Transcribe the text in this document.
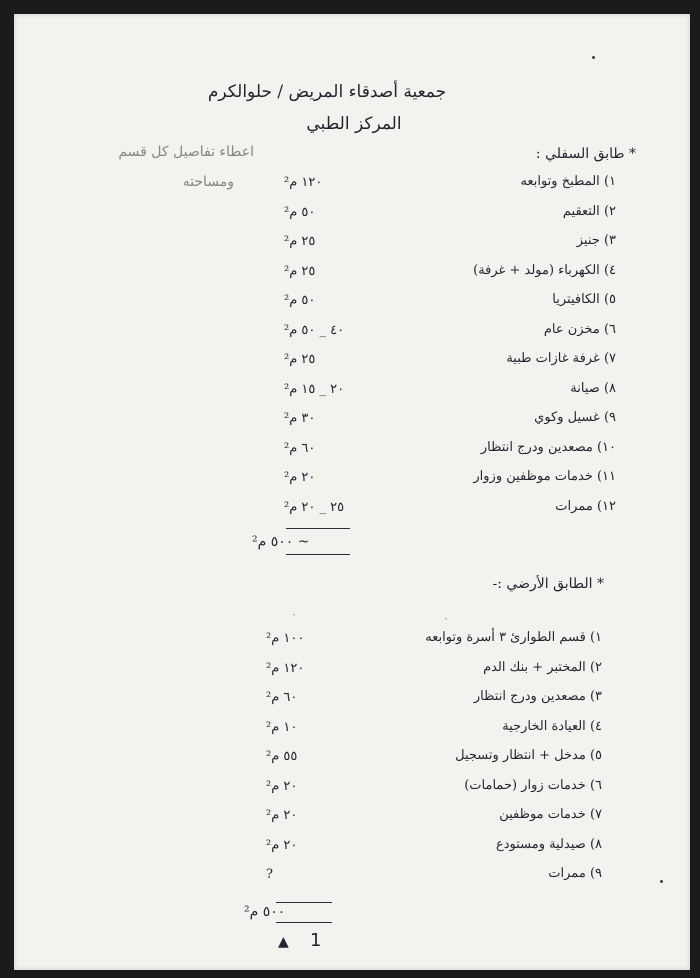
جمعية أصدقاء المريض / حلوالكرم
المركز الطبي
اعطاء تفاصيل كل قسم
ومساحته
* طابق السفلي :
١) المطبخ وتوابعه
١٢٠ م²
٢) التعقيم
٥٠ م²
٣) جنيز
٢٥ م²
٤) الكهرباء (مولد + غرفة)
٢٥ م²
٥) الكافيتريا
٥٠ م²
٦) مخزن عام
٤٠ _ ٥٠ م²
٧) غرفة غازات طبية
٢٥ م²
٨) صيانة
٢٠ _ ١٥ م²
٩) غسيل وكوي
٣٠ م²
١٠) مصعدين ودرج انتظار
٦٠ م²
١١) خدمات موظفين وزوار
٢٠ م²
١٢) ممرات
٢٥ _ ٢٠ م²
~ ٥٠٠ م²
* الطابق الأرضي :-
·	·
١) قسم الطوارئ ٣ أسرة وتوابعه
١٠٠ م²
٢) المختبر + بنك الدم
١٢٠ م²
٣) مصعدين ودرج انتظار
٦٠ م²
٤) العيادة الخارجية
١٠ م²
٥) مدخل + انتظار وتسجيل
٥٥ م²
٦) خدمات زوار (حمامات)
٢٠ م²
٧) خدمات موظفين
٢٠ م²
٨) صيدلية ومستودع
٢٠ م²
٩) ممرات
?
٥٠٠ م²
▲ 1
